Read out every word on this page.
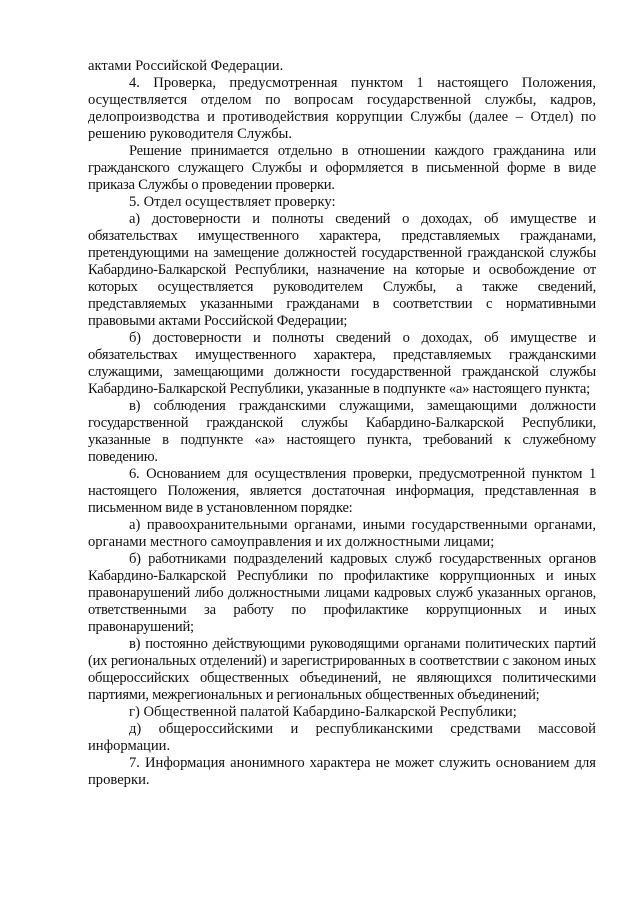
актами Российской Федерации.

4. Проверка, предусмотренная пунктом 1 настоящего Положения, осуществляется отделом по вопросам государственной службы, кадров, делопроизводства и противодействия коррупции Службы (далее – Отдел) по решению руководителя Службы.

Решение принимается отдельно в отношении каждого гражданина или гражданского служащего Службы и оформляется в письменной форме в виде приказа Службы о проведении проверки.

5. Отдел осуществляет проверку:

а) достоверности и полноты сведений о доходах, об имуществе и обязательствах имущественного характера, представляемых гражданами, претендующими на замещение должностей государственной гражданской службы Кабардино-Балкарской Республики, назначение на которые и освобождение от которых осуществляется руководителем Службы, а также сведений, представляемых указанными гражданами в соответствии с нормативными правовыми актами Российской Федерации;

б) достоверности и полноты сведений о доходах, об имуществе и обязательствах имущественного характера, представляемых гражданскими служащими, замещающими должности государственной гражданской службы Кабардино-Балкарской Республики, указанные в подпункте «а» настоящего пункта;

в) соблюдения гражданскими служащими, замещающими должности государственной гражданской службы Кабардино-Балкарской Республики, указанные в подпункте «а» настоящего пункта, требований к служебному поведению.

6. Основанием для осуществления проверки, предусмотренной пунктом 1 настоящего Положения, является достаточная информация, представленная в письменном виде в установленном порядке:

а) правоохранительными органами, иными государственными органами, органами местного самоуправления и их должностными лицами;

б) работниками подразделений кадровых служб государственных органов Кабардино-Балкарской Республики по профилактике коррупционных и иных правонарушений либо должностными лицами кадровых служб указанных органов, ответственными за работу по профилактике коррупционных и иных правонарушений;

в) постоянно действующими руководящими органами политических партий (их региональных отделений) и зарегистрированных в соответствии с законом иных общероссийских общественных объединений, не являющихся политическими партиями, межрегиональных и региональных общественных объединений;

г) Общественной палатой Кабардино-Балкарской Республики;

д) общероссийскими и республиканскими средствами массовой информации.

7. Информация анонимного характера не может служить основанием для проверки.
